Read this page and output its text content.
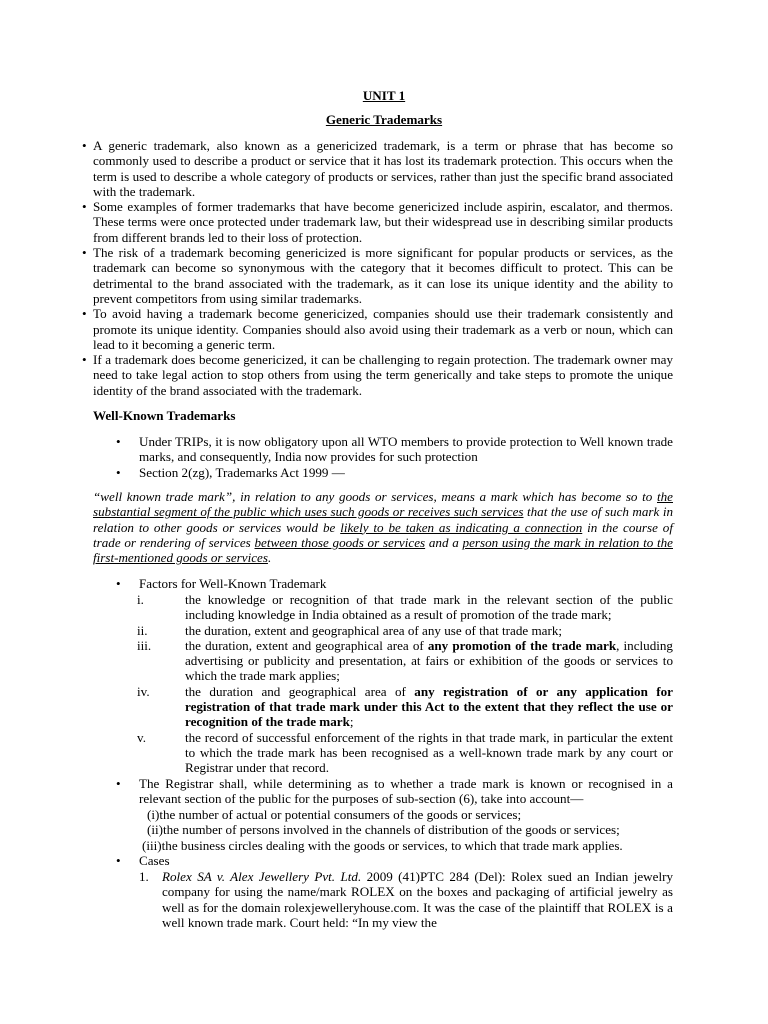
UNIT 1
Generic Trademarks
• A generic trademark, also known as a genericized trademark, is a term or phrase that has become so commonly used to describe a product or service that it has lost its trademark protection. This occurs when the term is used to describe a whole category of products or services, rather than just the specific brand associated with the trademark.
• Some examples of former trademarks that have become genericized include aspirin, escalator, and thermos. These terms were once protected under trademark law, but their widespread use in describing similar products from different brands led to their loss of protection.
• The risk of a trademark becoming genericized is more significant for popular products or services, as the trademark can become so synonymous with the category that it becomes difficult to protect. This can be detrimental to the brand associated with the trademark, as it can lose its unique identity and the ability to prevent competitors from using similar trademarks.
• To avoid having a trademark become genericized, companies should use their trademark consistently and promote its unique identity. Companies should also avoid using their trademark as a verb or noun, which can lead to it becoming a generic term.
• If a trademark does become genericized, it can be challenging to regain protection. The trademark owner may need to take legal action to stop others from using the term generically and take steps to promote the unique identity of the brand associated with the trademark.
Well-Known Trademarks
• Under TRIPs, it is now obligatory upon all WTO members to provide protection to Well known trade marks, and consequently, India now provides for such protection
• Section 2(zg), Trademarks Act 1999 —
“well known trade mark”, in relation to any goods or services, means a mark which has become so to the substantial segment of the public which uses such goods or receives such services that the use of such mark in relation to other goods or services would be likely to be taken as indicating a connection in the course of trade or rendering of services between those goods or services and a person using the mark in relation to the first-mentioned goods or services.
• Factors for Well-Known Trademark
i.	the knowledge or recognition of that trade mark in the relevant section of the public including knowledge in India obtained as a result of promotion of the trade mark;
ii.	the duration, extent and geographical area of any use of that trade mark;
iii.	the duration, extent and geographical area of any promotion of the trade mark, including advertising or publicity and presentation, at fairs or exhibition of the goods or services to which the trade mark applies;
iv.	the duration and geographical area of any registration of or any application for registration of that trade mark under this Act to the extent that they reflect the use or recognition of the trade mark;
v.	the record of successful enforcement of the rights in that trade mark, in particular the extent to which the trade mark has been recognised as a well-known trade mark by any court or Registrar under that record.
• The Registrar shall, while determining as to whether a trade mark is known or recognised in a relevant section of the public for the purposes of sub-section (6), take into account—
(i)the number of actual or potential consumers of the goods or services;
(ii)the number of persons involved in the channels of distribution of the goods or services;
(iii)the business circles dealing with the goods or services, to which that trade mark applies.
• Cases
1. Rolex SA v. Alex Jewellery Pvt. Ltd. 2009 (41)PTC 284 (Del): Rolex sued an Indian jewelry company for using the name/mark ROLEX on the boxes and packaging of artificial jewelry as well as for the domain rolexjewelleryhouse.com. It was the case of the plaintiff that ROLEX is a well known trade mark. Court held: “In my view the
